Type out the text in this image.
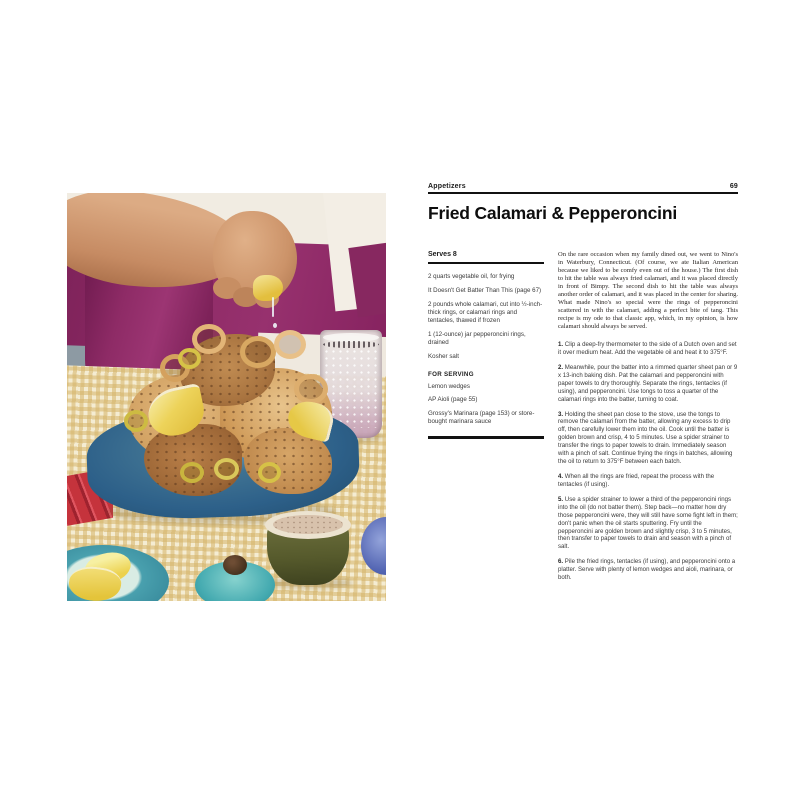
Appetizers	69
Fried Calamari & Pepperoncini
Serves 8
2 quarts vegetable oil, for frying
It Doesn't Get Batter Than This (page 67)
2 pounds whole calamari, cut into ½-inch-thick rings, or calamari rings and tentacles, thawed if frozen
1 (12-ounce) jar pepperoncini rings, drained
Kosher salt
FOR SERVING
Lemon wedges
AP Aioli (page 55)
Grossy's Marinara (page 153) or store-bought marinara sauce
On the rare occasion when my family dined out, we went to Nino's in Waterbury, Connecticut. (Of course, we ate Italian American because we liked to be comfy even out of the house.) The first dish to hit the table was always fried calamari, and it was placed directly in front of Bimpy. The second dish to hit the table was always another order of calamari, and it was placed in the center for sharing. What made Nino's so special were the rings of pepperoncini scattered in with the calamari, adding a perfect bite of tang. This recipe is my ode to that classic app, which, in my opinion, is how calamari should always be served.
1. Clip a deep-fry thermometer to the side of a Dutch oven and set it over medium heat. Add the vegetable oil and heat it to 375°F.
2. Meanwhile, pour the batter into a rimmed quarter sheet pan or 9 x 13-inch baking dish. Pat the calamari and pepperoncini with paper towels to dry thoroughly. Separate the rings, tentacles (if using), and pepperoncini. Use tongs to toss a quarter of the calamari rings into the batter, turning to coat.
3. Holding the sheet pan close to the stove, use the tongs to remove the calamari from the batter, allowing any excess to drip off, then carefully lower them into the oil. Cook until the batter is golden brown and crisp, 4 to 5 minutes. Use a spider strainer to transfer the rings to paper towels to drain. Immediately season with a pinch of salt. Continue frying the rings in batches, allowing the oil to return to 375°F between each batch.
4. When all the rings are fried, repeat the process with the tentacles (if using).
5. Use a spider strainer to lower a third of the pepperoncini rings into the oil (do not batter them). Step back—no matter how dry those pepperoncini were, they will still have some fight left in them; don't panic when the oil starts sputtering. Fry until the pepperoncini are golden brown and slightly crisp, 3 to 5 minutes, then transfer to paper towels to drain and season with a pinch of salt.
6. Pile the fried rings, tentacles (if using), and pepperoncini onto a platter. Serve with plenty of lemon wedges and aioli, marinara, or both.
